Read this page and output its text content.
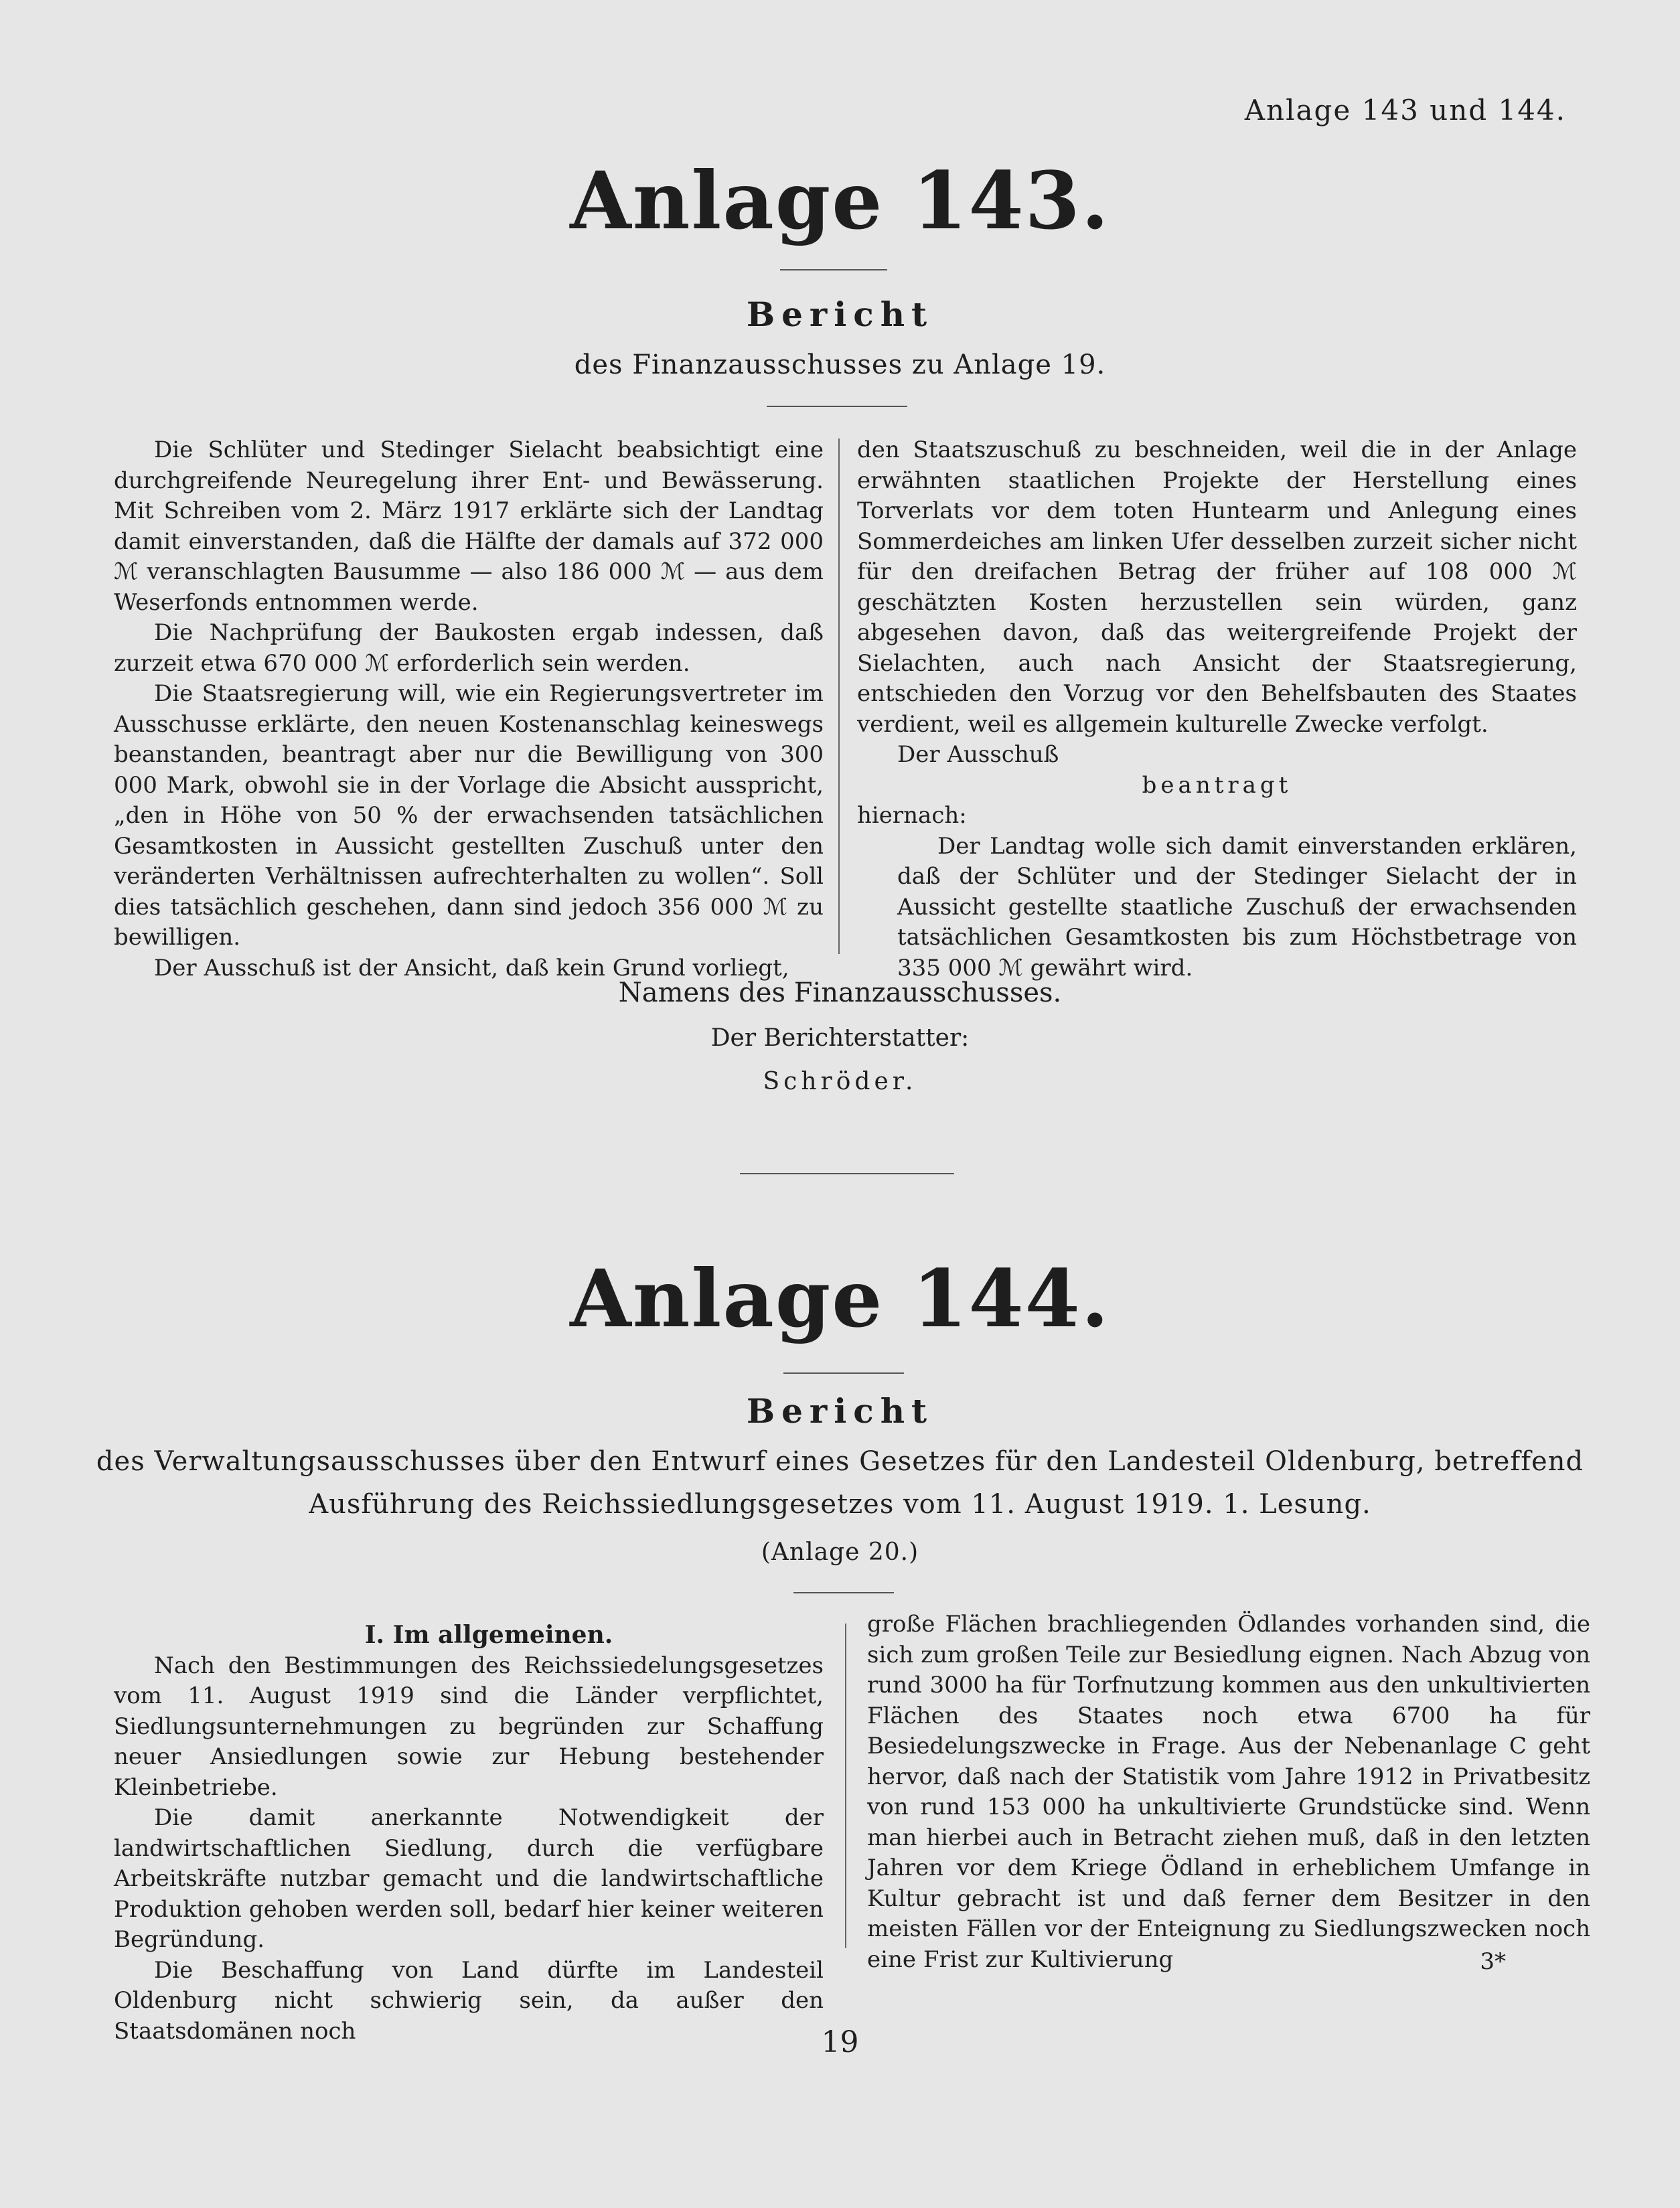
Anlage 143 und 144.
Anlage 143.
Bericht
des Finanzausschusses zu Anlage 19.

Die Schlüter und Stedinger Sielacht beabsichtigt eine durchgreifende Neuregelung ihrer Ent- und Bewässerung. Mit Schreiben vom 2. März 1917 erklärte sich der Landtag damit einverstanden, daß die Hälfte der damals auf 372 000 ℳ veranschlagten Bausumme — also 186 000 ℳ — aus dem Weserfonds entnommen werde.

Die Nachprüfung der Baukosten ergab indessen, daß zurzeit etwa 670 000 ℳ erforderlich sein werden.

Die Staatsregierung will, wie ein Regierungsvertreter im Ausschusse erklärte, den neuen Kostenanschlag keineswegs beanstanden, beantragt aber nur die Bewilligung von 300 000 Mark, obwohl sie in der Vorlage die Absicht ausspricht, „den in Höhe von 50 % der erwachsenden tatsächlichen Gesamtkosten in Aussicht gestellten Zuschuß unter den veränderten Verhältnissen aufrechterhalten zu wollen“. Soll dies tatsächlich geschehen, dann sind jedoch 356 000 ℳ zu bewilligen.

Der Ausschuß ist der Ansicht, daß kein Grund vorliegt,

den Staatszuschuß zu beschneiden, weil die in der Anlage erwähnten staatlichen Projekte der Herstellung eines Torverlats vor dem toten Huntearm und Anlegung eines Sommerdeiches am linken Ufer desselben zurzeit sicher nicht für den dreifachen Betrag der früher auf 108 000 ℳ geschätzten Kosten herzustellen sein würden, ganz abgesehen davon, daß das weitergreifende Projekt der Sielachten, auch nach Ansicht der Staatsregierung, entschieden den Vorzug vor den Behelfsbauten des Staates verdient, weil es allgemein kulturelle Zwecke verfolgt.

Der Ausschuß

beantragt

hiernach:

Der Landtag wolle sich damit einverstanden erklären, daß der Schlüter und der Stedinger Sielacht der in Aussicht gestellte staatliche Zuschuß der erwachsenden tatsächlichen Gesamtkosten bis zum Höchstbetrage von 335 000 ℳ gewährt wird.

Namens des Finanzausschusses.
Der Berichterstatter:
Schröder.
Anlage 144.
Bericht
des Verwaltungsausschusses über den Entwurf eines Gesetzes für den Landesteil Oldenburg, betreffend
Ausführung des Reichssiedlungsgesetzes vom 11. August 1919. 1. Lesung.
(Anlage 20.)

I. Im allgemeinen.

Nach den Bestimmungen des Reichssiedelungsgesetzes vom 11. August 1919 sind die Länder verpflichtet, Siedlungsunternehmungen zu begründen zur Schaffung neuer Ansiedlungen sowie zur Hebung bestehender Kleinbetriebe.

Die damit anerkannte Notwendigkeit der landwirtschaftlichen Siedlung, durch die verfügbare Arbeitskräfte nutzbar gemacht und die landwirtschaftliche Produktion gehoben werden soll, bedarf hier keiner weiteren Begründung.

Die Beschaffung von Land dürfte im Landesteil Oldenburg nicht schwierig sein, da außer den Staatsdomänen noch

große Flächen brachliegenden Ödlandes vorhanden sind, die sich zum großen Teile zur Besiedlung eignen. Nach Abzug von rund 3000 ha für Torfnutzung kommen aus den unkultivierten Flächen des Staates noch etwa 6700 ha für Besiedelungszwecke in Frage. Aus der Nebenanlage C geht hervor, daß nach der Statistik vom Jahre 1912 in Privatbesitz von rund 153 000 ha unkultivierte Grundstücke sind. Wenn man hierbei auch in Betracht ziehen muß, daß in den letzten Jahren vor dem Kriege Ödland in erheblichem Umfange in Kultur gebracht ist und daß ferner dem Besitzer in den meisten Fällen vor der Enteignung zu Siedlungszwecken noch eine Frist zur Kultivierung	3*
19
